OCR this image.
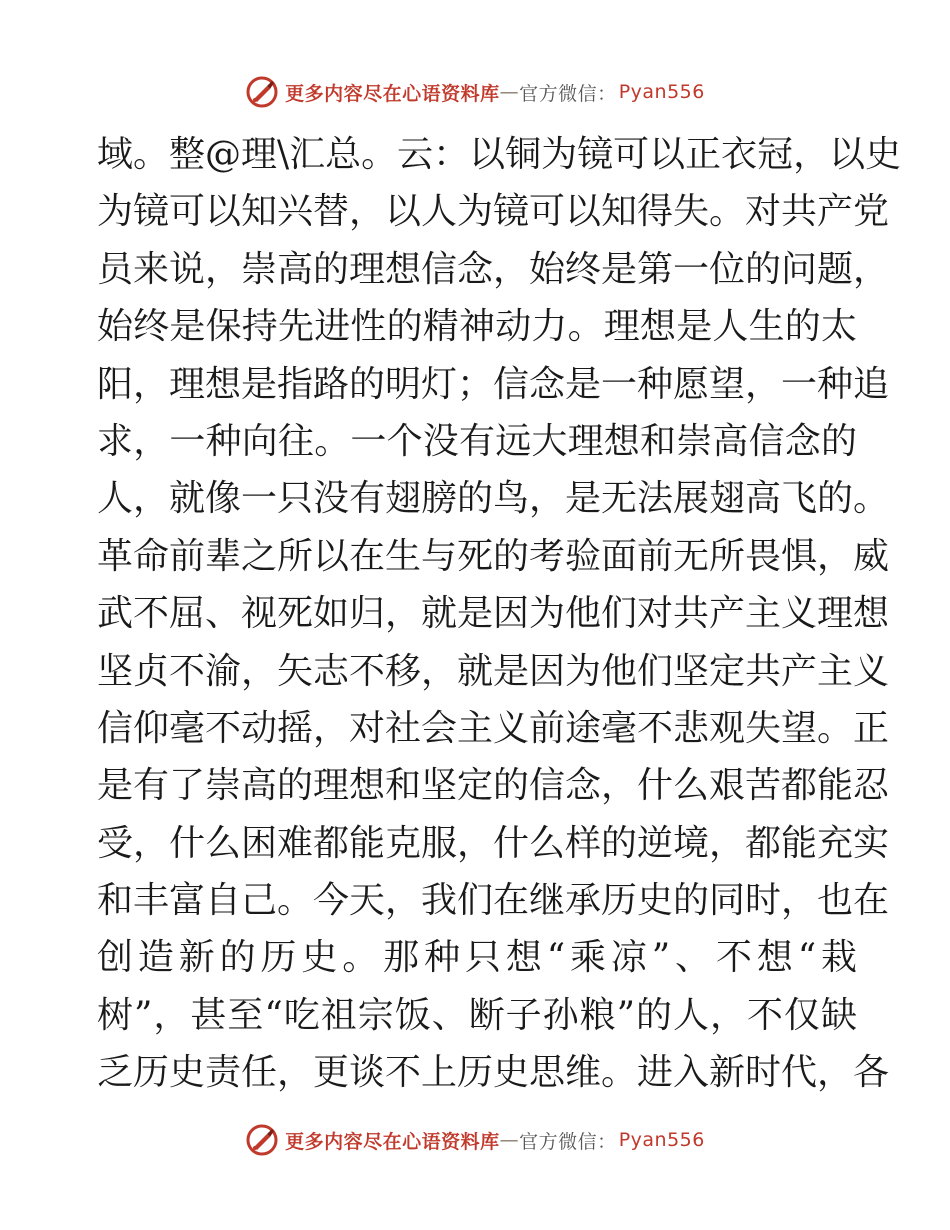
更多内容尽在心语资料库 — 官方微信： Pyan556
域。整@理\汇总。云：以铜为镜可以正衣冠，以史
为镜可以知兴替，以人为镜可以知得失。对共产党
员来说，崇高的理想信念，始终是第一位的问题，
始终是保持先进性的精神动力。理想是人生的太
阳，理想是指路的明灯；信念是一种愿望，一种追
求，一种向往。一个没有远大理想和崇高信念的
人，就像一只没有翅膀的鸟，是无法展翅高飞的。
革命前辈之所以在生与死的考验面前无所畏惧，威
武不屈、视死如归，就是因为他们对共产主义理想
坚贞不渝，矢志不移，就是因为他们坚定共产主义
信仰毫不动摇，对社会主义前途毫不悲观失望。正
是有了崇高的理想和坚定的信念，什么艰苦都能忍
受，什么困难都能克服，什么样的逆境，都能充实
和丰富自己。今天，我们在继承历史的同时，也在
创造新的历史。那种只想“乘凉”、不想“栽
树”，甚至“吃祖宗饭、断子孙粮”的人，不仅缺
乏历史责任，更谈不上历史思维。进入新时代，各
更多内容尽在心语资料库 — 官方微信： Pyan556
